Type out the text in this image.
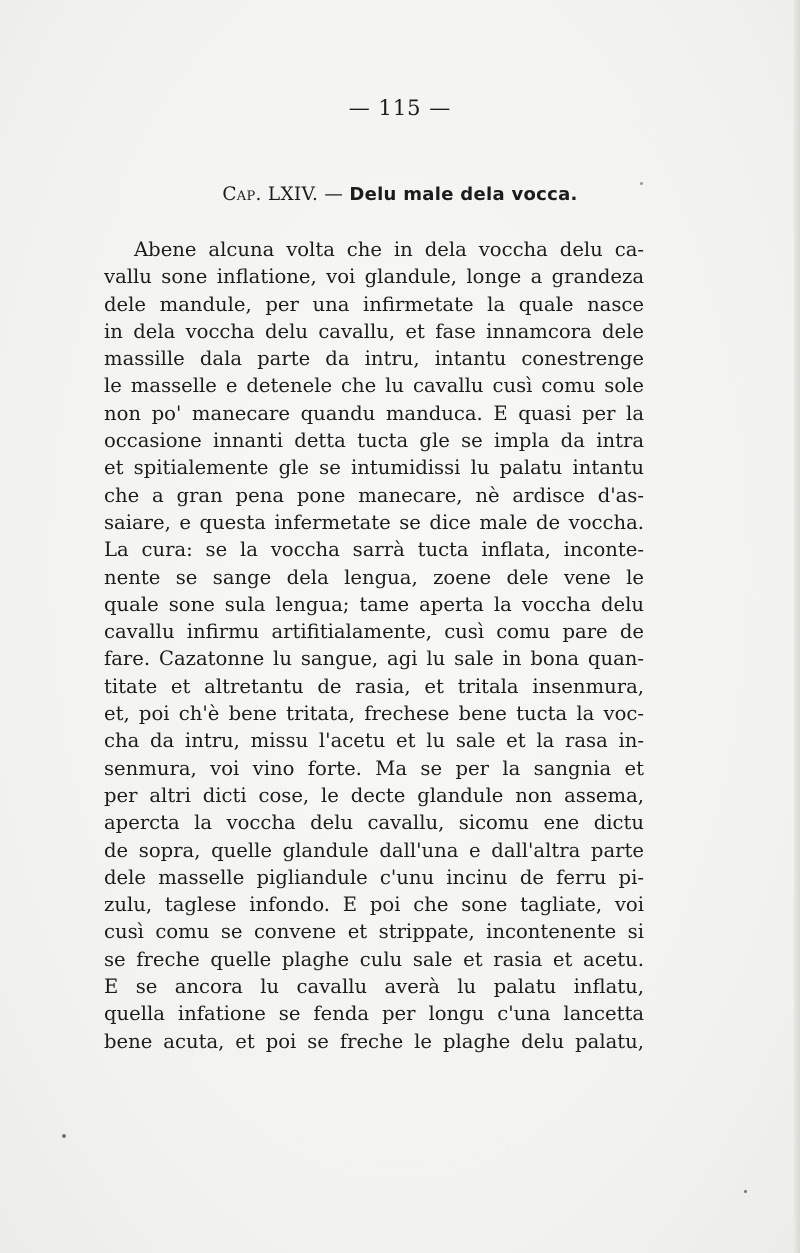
— 115 —
Cap. LXIV. — Delu male dela vocca.
Abene alcuna volta che in dela voccha delu ca-
vallu sone inflatione, voi glandule, longe a grandeza
dele mandule, per una infirmetate la quale nasce
in dela voccha delu cavallu, et fase innamcora dele
massille dala parte da intru, intantu conestrenge
le masselle e detenele che lu cavallu cusì comu sole
non po' manecare quandu manduca. E quasi per la
occasione innanti detta tucta gle se impla da intra
et spitialemente gle se intumidissi lu palatu intantu
che a gran pena pone manecare, nè ardisce d'as-
saiare, e questa infermetate se dice male de voccha.
La cura: se la voccha sarrà tucta inflata, inconte-
nente se sange dela lengua, zoene dele vene le
quale sone sula lengua; tame aperta la voccha delu
cavallu infirmu artifitialamente, cusì comu pare de
fare. Cazatonne lu sangue, agi lu sale in bona quan-
titate et altretantu de rasia, et tritala insenmura,
et, poi ch'è bene tritata, frechese bene tucta la voc-
cha da intru, missu l'acetu et lu sale et la rasa in-
senmura, voi vino forte. Ma se per la sangnia et
per altri dicti cose, le decte glandule non assema,
apercta la voccha delu cavallu, sicomu ene dictu
de sopra, quelle glandule dall'una e dall'altra parte
dele masselle pigliandule c'unu incinu de ferru pi-
zulu, taglese infondo. E poi che sone tagliate, voi
cusì comu se convene et strippate, incontenente si
se freche quelle plaghe culu sale et rasia et acetu.
E se ancora lu cavallu averà lu palatu inflatu,
quella infatione se fenda per longu c'una lancetta
bene acuta, et poi se freche le plaghe delu palatu,
